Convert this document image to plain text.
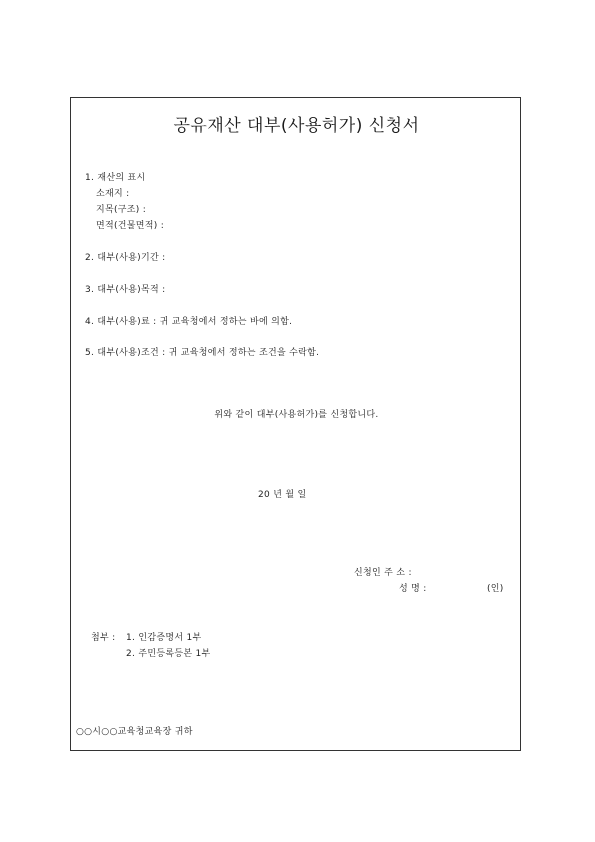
공유재산 대부(사용허가) 신청서
1. 재산의 표시
소재지 :
지목(구조) :
면적(건물면적) :
2. 대부(사용)기간 :
3. 대부(사용)목적 :
4. 대부(사용)료 : 귀 교육청에서 정하는 바에 의함.
5. 대부(사용)조건 : 귀 교육청에서 정하는 조건을 수락함.
위와 같이 대부(사용허가)를 신청합니다.
20 년 월 일
신청인 주 소 :
성 명 :	(인)
첨부 : 1. 인감증명서 1부
2. 주민등록등본 1부
○○시○○교육청교육장 귀하
